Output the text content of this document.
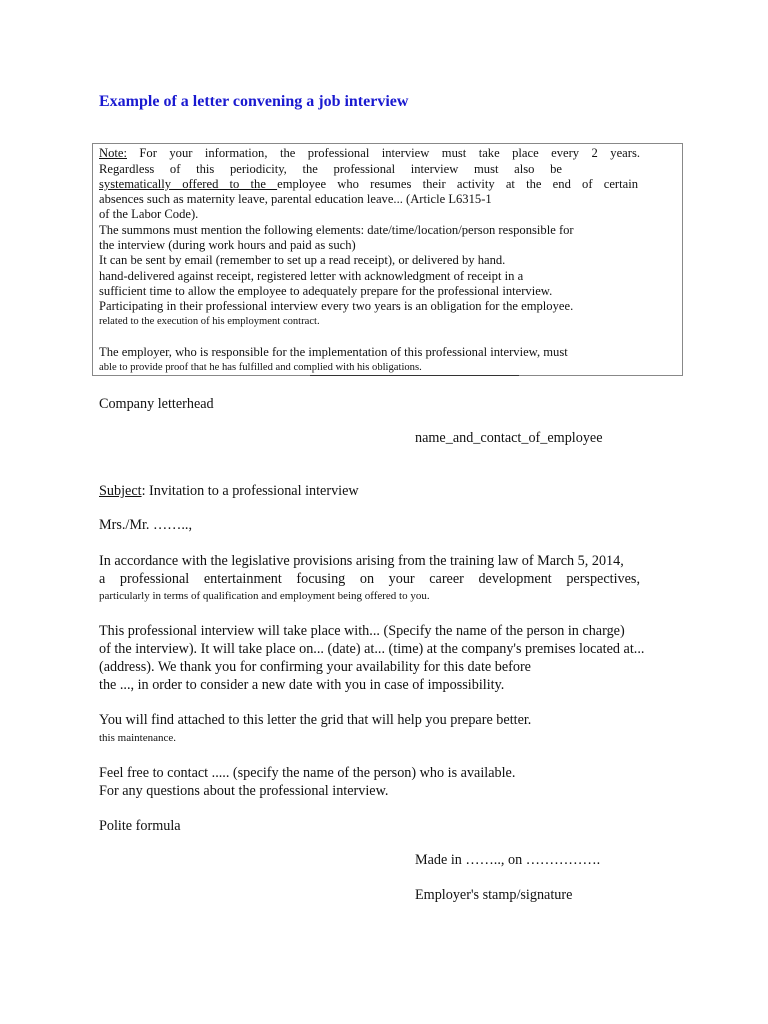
Example of a letter convening a job interview
Note: For your information, the professional interview must take place every 2 years.
Regardless of this periodicity, the professional interview must also be
systematically offered to the employee who resumes their activity at the end of certain
absences such as maternity leave, parental education leave... (Article L6315-1
of the Labor Code).
The summons must mention the following elements: date/time/location/person responsible for
the interview (during work hours and paid as such)
It can be sent by email (remember to set up a read receipt), or delivered by hand.
hand-delivered against receipt, registered letter with acknowledgment of receipt in a
sufficient time to allow the employee to adequately prepare for the professional interview.
Participating in their professional interview every two years is an obligation for the employee.
related to the execution of his employment contract.
The employer, who is responsible for the implementation of this professional interview, must
able to provide proof that he has fulfilled and complied with his obligations.
Company letterhead
name_and_contact_of_employee
Subject: Invitation to a professional interview
Mrs./Mr. ……..,
In accordance with the legislative provisions arising from the training law of March 5, 2014,
a professional entertainment focusing on your career development perspectives,
particularly in terms of qualification and employment being offered to you.
This professional interview will take place with... (Specify the name of the person in charge)
of the interview). It will take place on... (date) at... (time) at the company's premises located at...
(address). We thank you for confirming your availability for this date before
the ..., in order to consider a new date with you in case of impossibility.
You will find attached to this letter the grid that will help you prepare better.
this maintenance.
Feel free to contact ..... (specify the name of the person) who is available.
For any questions about the professional interview.
Polite formula
Made in …….., on …………….
Employer's stamp/signature
